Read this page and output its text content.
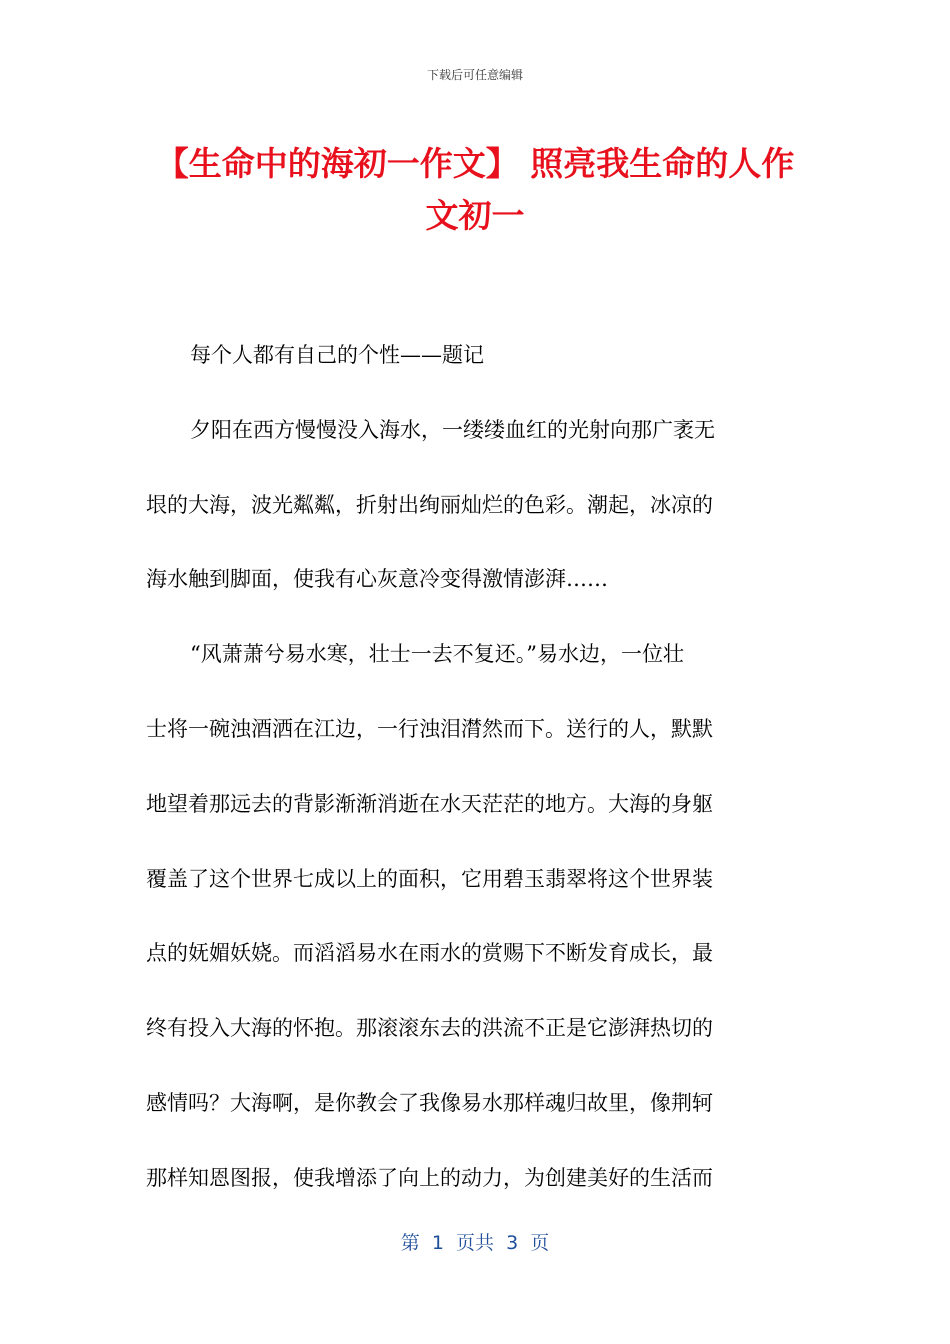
下载后可任意编辑
【生命中的海初一作文】 照亮我生命的人作
文初一
每个人都有自己的个性——题记
夕阳在西方慢慢没入海水，一缕缕血红的光射向那广袤无
垠的大海，波光粼粼，折射出绚丽灿烂的色彩。潮起，冰凉的
海水触到脚面，使我有心灰意冷变得激情澎湃……
“风萧萧兮易水寒，壮士一去不复还。”易水边，一位壮
士将一碗浊酒洒在江边，一行浊泪潸然而下。送行的人，默默
地望着那远去的背影渐渐消逝在水天茫茫的地方。大海的身躯
覆盖了这个世界七成以上的面积，它用碧玉翡翠将这个世界装
点的妩媚妖娆。而滔滔易水在雨水的赏赐下不断发育成长，最
终有投入大海的怀抱。那滚滚东去的洪流不正是它澎湃热切的
感情吗？大海啊，是你教会了我像易水那样魂归故里，像荆轲
那样知恩图报，使我增添了向上的动力，为创建美好的生活而
第  1  页共  3  页
